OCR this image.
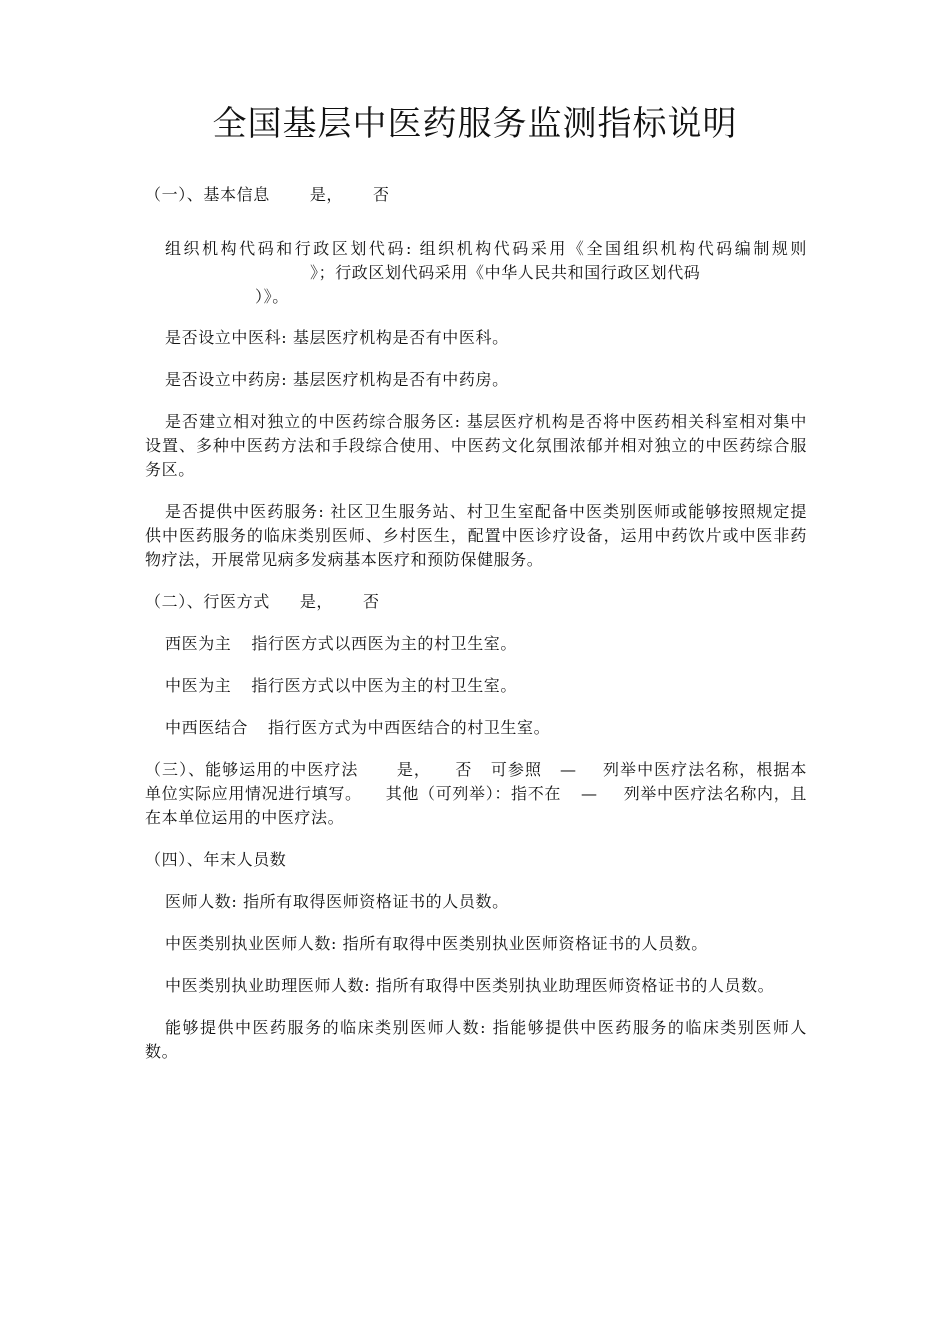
全国基层中医药服务监测指标说明

（一）、基本信息	是， 否

组织机构代码和行政区划代码: 组织机构代码采用《全国组织机构代码编制规则》；行政区划代码采用《中华人民共和国行政区划代码
）》。

是否设立中医科: 基层医疗机构是否有中医科。

是否设立中药房: 基层医疗机构是否有中药房。

是否建立相对独立的中医药综合服务区: 基层医疗机构是否将中医药相关科室相对集中设置、多种中医药方法和手段综合使用、中医药文化氛围浓郁并相对独立的中医药综合服务区。

是否提供中医药服务: 社区卫生服务站、村卫生室配备中医类别医师或能够按照规定提供中医药服务的临床类别医师、乡村医生，配置中医诊疗设备，运用中药饮片或中医非药物疗法，开展常见病多发病基本医疗和预防保健服务。

（二）、行医方式 是， 否

西医为主 指行医方式以西医为主的村卫生室。

中医为主 指行医方式以中医为主的村卫生室。

中西医结合 指行医方式为中西医结合的村卫生室。

（三）、能够运用的中医疗法 是， 否 可参照 — 列举中医疗法名称，根据本单位实际应用情况进行填写。 其他（可列举）：指不在 — 列举中医疗法名称内，且在本单位运用的中医疗法。

（四）、年末人员数

医师人数: 指所有取得医师资格证书的人员数。

中医类别执业医师人数: 指所有取得中医类别执业医师资格证书的人员数。

中医类别执业助理医师人数: 指所有取得中医类别执业助理医师资格证书的人员数。

能够提供中医药服务的临床类别医师人数: 指能够提供中医药服务的临床类别医师人数。
